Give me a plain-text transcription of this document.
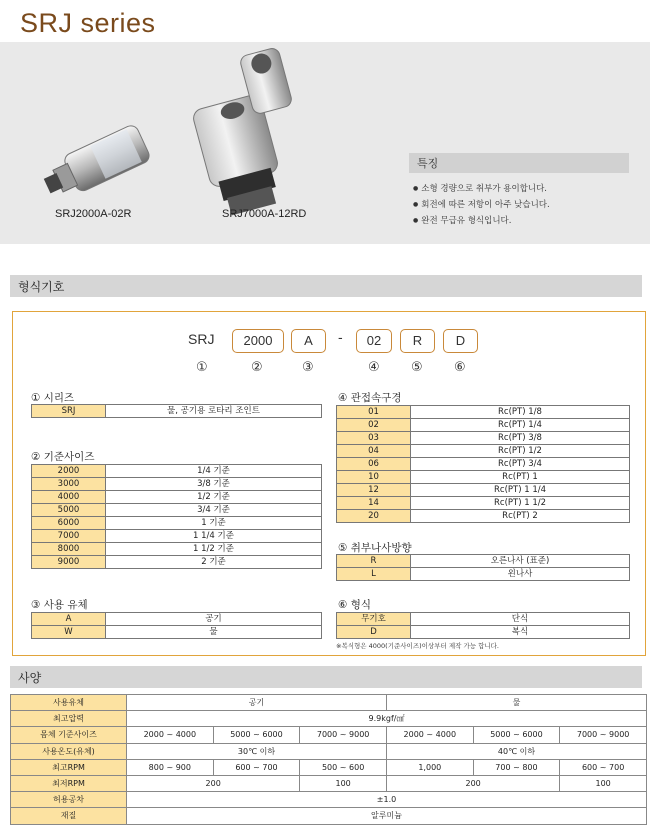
SRJ series
SRJ2000A-02R	SRJ7000A-12RD
특징
● 소형 경량으로 취부가 용이합니다.
● 회전에 따른 저항이 아주 낮습니다.
● 완전 무급유 형식입니다.
형식기호
SRJ	2000	A	-	02	R	D
①	②	③	④ ⑤ ⑥
① 시리즈
SRJ	물, 공기용 로타리 조인트
② 기준사이즈
2000	1/4 기준
3000	3/8 기준
4000	1/2 기준
5000	3/4 기준
6000	1 기준
7000	1 1/4 기준
8000	1 1/2 기준
9000	2 기준
③ 사용 유체
A	공기
W	물
④ 관접속구경
01	Rc(PT) 1/8
02	Rc(PT) 1/4
03	Rc(PT) 3/8
04	Rc(PT) 1/2
06	Rc(PT) 3/4
10	Rc(PT) 1
12	Rc(PT) 1 1/4
14	Rc(PT) 1 1/2
20	Rc(PT) 2
⑤ 취부나사방향
R	오른나사 (표준)
L	왼나사
⑥ 형식
무기호	단식
D	복식
※복식형은 4000(기준사이즈)이상부터 제작 가능 합니다.
사양
사용유체	공기			물		
최고압력	9.9kgf/㎠					
몸체 기준사이즈	2000 ~ 4000	5000 ~ 6000	7000 ~ 9000	2000 ~ 4000	5000 ~ 6000	7000 ~ 9000
사용온도(유체)	30℃ 이하			40℃ 이하		
최고RPM	800 ~ 900	600 ~ 700	500 ~ 600	1,000	700 ~ 800	600 ~ 700
최저RPM	200		100	200		100
허용공차	±1.0					
재질	알루미늄					
